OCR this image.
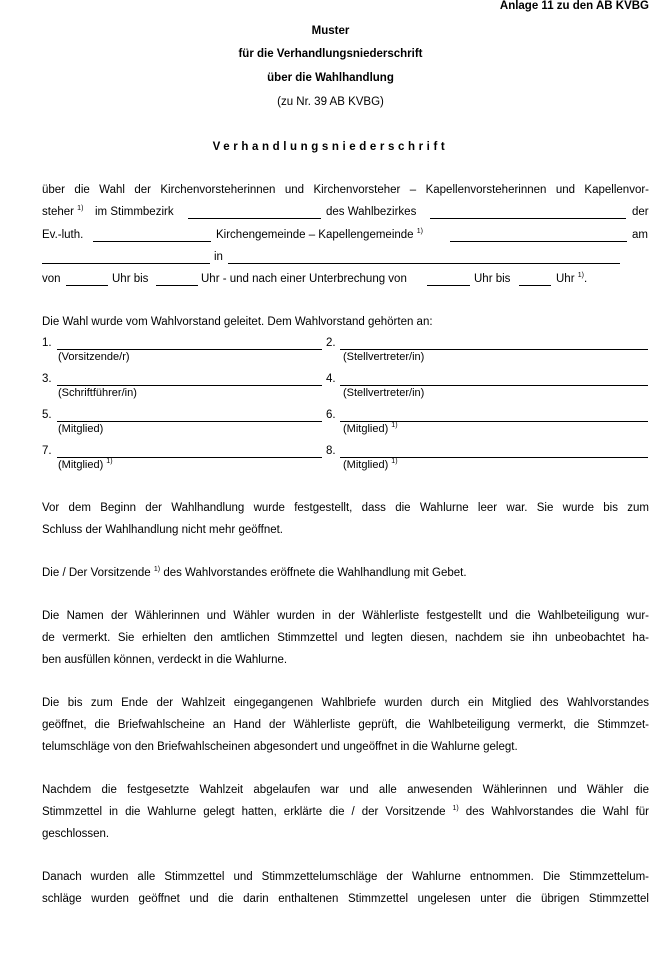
Anlage 11 zu den AB KVBG
Muster
für die Verhandlungsniederschrift
über die Wahlhandlung
(zu Nr. 39 AB KVBG)
Verhandlungsniederschrift
über die Wahl der Kirchenvorsteherinnen und Kirchenvorsteher – Kapellenvorsteherinnen und Kapellenvor-
steher $^{1)}$ im Stimmbezirk	des Wahlbezirkes	der
Ev.-luth.	Kirchengemeinde – Kapellengemeinde $^{1)}$	am
in
von	Uhr bis	Uhr - und nach einer Unterbrechung von	Uhr bis	Uhr $^{1)}$.
Die Wahl wurde vom Wahlvorstand geleitet. Dem Wahlvorstand gehörten an:
1.
(Vorsitzende/r)
2.
(Stellvertreter/in)
3.
(Schriftführer/in)
4.
(Stellvertreter/in)
5.
(Mitglied)
6.
(Mitglied) $^{1)}$
7.
(Mitglied) $^{1)}$
8.
(Mitglied) $^{1)}$
Vor dem Beginn der Wahlhandlung wurde festgestellt, dass die Wahlurne leer war. Sie wurde bis zum
Schluss der Wahlhandlung nicht mehr geöffnet.
Die / Der Vorsitzende $^{1)}$ des Wahlvorstandes eröffnete die Wahlhandlung mit Gebet.
Die Namen der Wählerinnen und Wähler wurden in der Wählerliste festgestellt und die Wahlbeteiligung wur-
de vermerkt. Sie erhielten den amtlichen Stimmzettel und legten diesen, nachdem sie ihn unbeobachtet ha-
ben ausfüllen können, verdeckt in die Wahlurne.
Die bis zum Ende der Wahlzeit eingegangenen Wahlbriefe wurden durch ein Mitglied des Wahlvorstandes
geöffnet, die Briefwahlscheine an Hand der Wählerliste geprüft, die Wahlbeteiligung vermerkt, die Stimmzet-
telumschläge von den Briefwahlscheinen abgesondert und ungeöffnet in die Wahlurne gelegt.
Nachdem die festgesetzte Wahlzeit abgelaufen war und alle anwesenden Wählerinnen und Wähler die
Stimmzettel in die Wahlurne gelegt hatten, erklärte die / der Vorsitzende $^{1)}$ des Wahlvorstandes die Wahl für
geschlossen.
Danach wurden alle Stimmzettel und Stimmzettelumschläge der Wahlurne entnommen. Die Stimmzettelum-
schläge wurden geöffnet und die darin enthaltenen Stimmzettel ungelesen unter die übrigen Stimmzettel
